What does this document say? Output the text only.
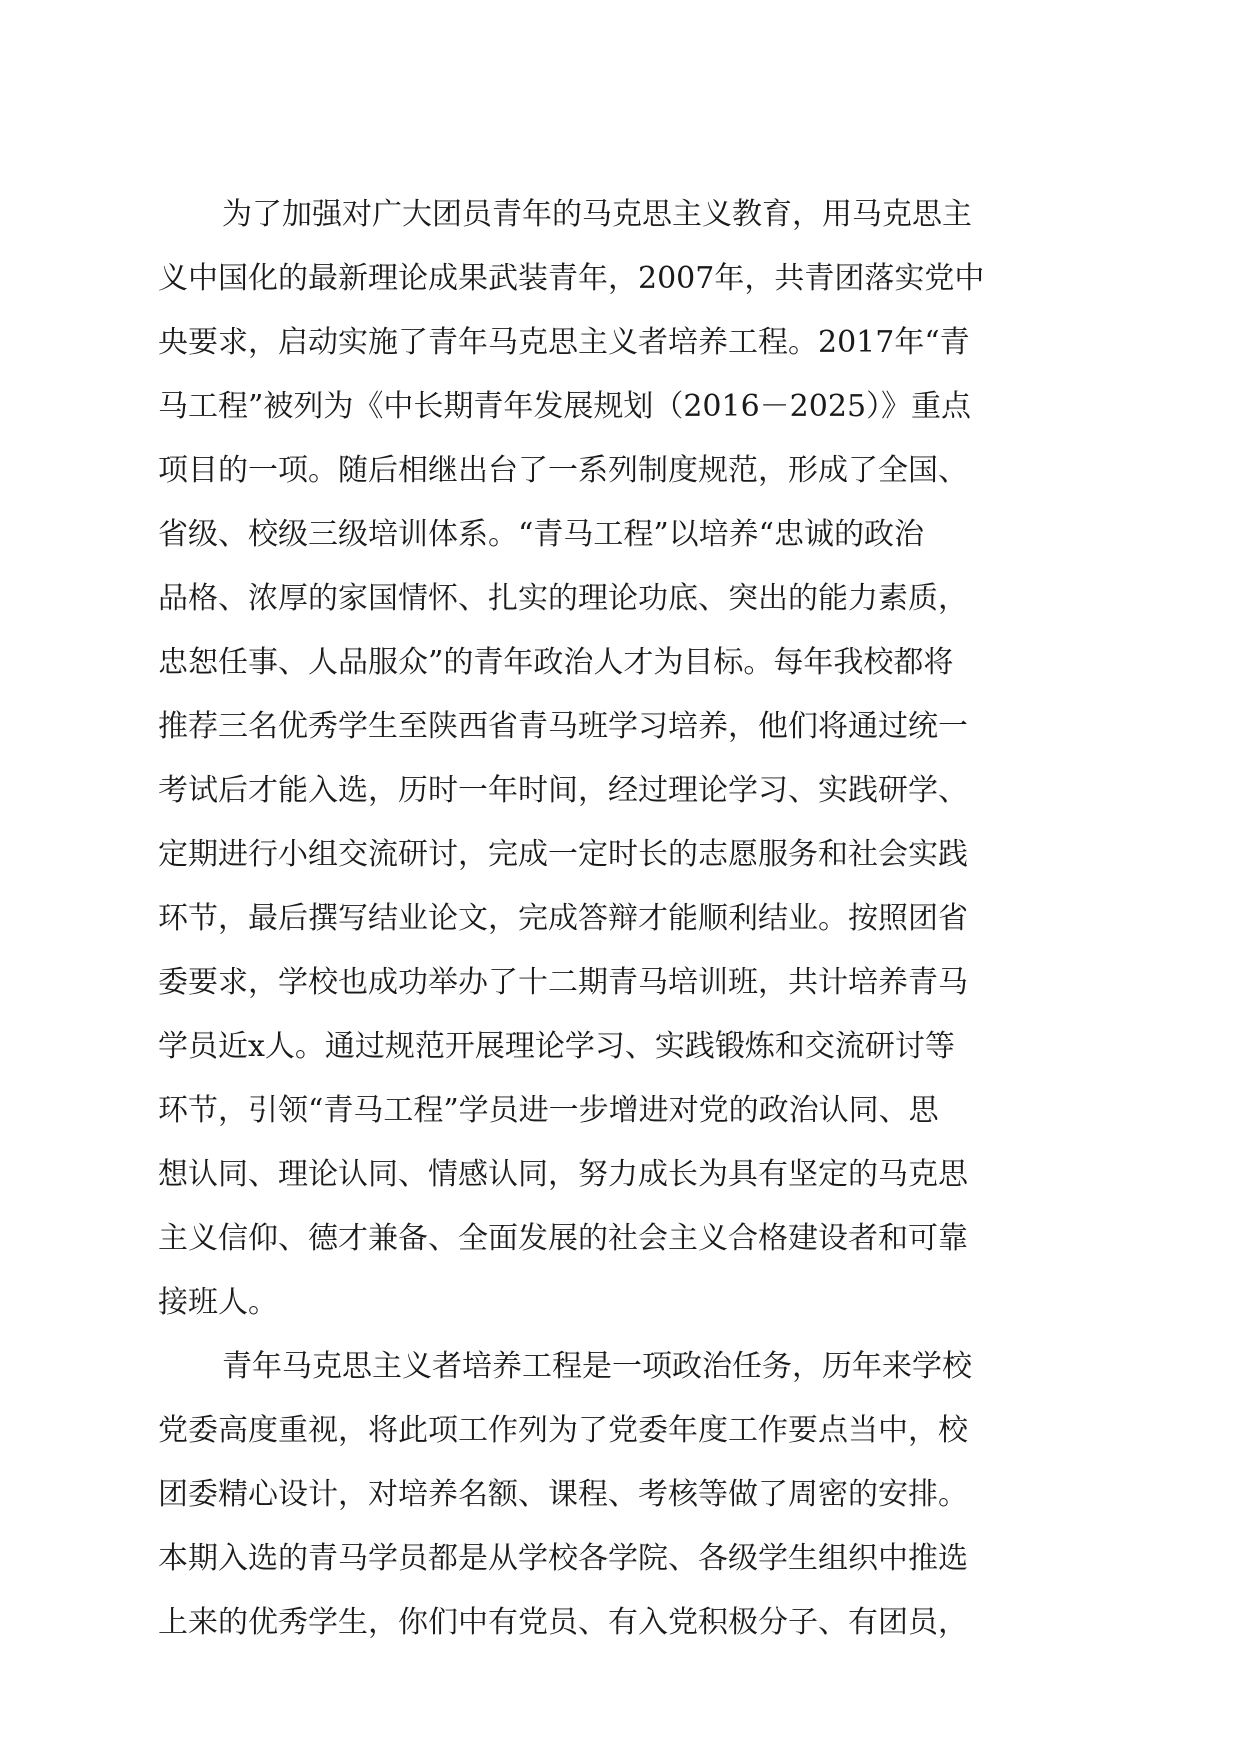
为了加强对广大团员青年的马克思主义教育，用马克思主
义中国化的最新理论成果武装青年，2007年，共青团落实党中
央要求，启动实施了青年马克思主义者培养工程。2017年“青
马工程”被列为《中长期青年发展规划（2016－2025）》重点
项目的一项。随后相继出台了一系列制度规范，形成了全国、
省级、校级三级培训体系。“青马工程”以培养“忠诚的政治
品格、浓厚的家国情怀、扎实的理论功底、突出的能力素质，
忠恕任事、人品服众”的青年政治人才为目标。每年我校都将
推荐三名优秀学生至陕西省青马班学习培养，他们将通过统一
考试后才能入选，历时一年时间，经过理论学习、实践研学、
定期进行小组交流研讨，完成一定时长的志愿服务和社会实践
环节，最后撰写结业论文，完成答辩才能顺利结业。按照团省
委要求，学校也成功举办了十二期青马培训班，共计培养青马
学员近x人。通过规范开展理论学习、实践锻炼和交流研讨等
环节，引领“青马工程”学员进一步增进对党的政治认同、思
想认同、理论认同、情感认同，努力成长为具有坚定的马克思
主义信仰、德才兼备、全面发展的社会主义合格建设者和可靠
接班人。
青年马克思主义者培养工程是一项政治任务，历年来学校
党委高度重视，将此项工作列为了党委年度工作要点当中，校
团委精心设计，对培养名额、课程、考核等做了周密的安排。
本期入选的青马学员都是从学校各学院、各级学生组织中推选
上来的优秀学生，你们中有党员、有入党积极分子、有团员，
